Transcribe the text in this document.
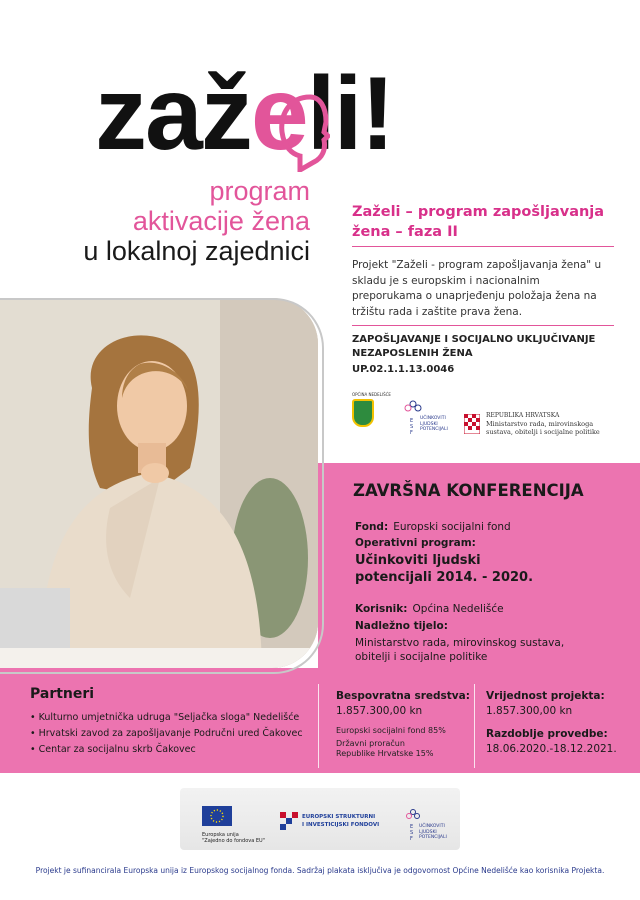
zaželi!
program
aktivacije žena
u lokalnoj zajednici
Zaželi – program zapošljavanja žena – faza II
Projekt "Zaželi - program zapošljavanja žena" u skladu je s europskim i nacionalnim preporukama o unaprjeđenju položaja žena na tržištu rada i zaštite prava žena.
ZAPOŠLJAVANJE I SOCIJALNO UKLJUČIVANJE NEZAPOSLENIH ŽENA
UP.02.1.1.13.0046
OPĆINA NEDELIŠĆE
E
S
F
UČINKOVITI LJUDSKI POTENCIJALI
REPUBLIKA HRVATSKA
Ministarstvo rada, mirovinskoga sustava, obitelji i socijalne politike
ZAVRŠNA KONFERENCIJA
Fond: Europski socijalni fond
Operativni program:
Učinkoviti ljudski potencijali 2014. - 2020.
Korisnik: Općina Nedelišće
Nadležno tijelo:
Ministarstvo rada, mirovinskog sustava, obitelji i socijalne politike
Partneri
• Kulturno umjetnička udruga "Seljačka sloga" Nedelišće
• Hrvatski zavod za zapošljavanje Područni ured Čakovec
• Centar za socijalnu skrb Čakovec
Bespovratna sredstva:
1.857.300,00 kn
Europski socijalni fond 85%
Državni proračun
Republike Hrvatske 15%
Vrijednost projekta:
1.857.300,00 kn
Razdoblje provedbe:
18.06.2020.-18.12.2021.
Europska unija
"Zajedno do fondova EU"
EUROPSKI STRUKTURNI
I INVESTICIJSKI FONDOVI	E
S
F
UČINKOVITI LJUDSKI POTENCIJALI
Projekt je sufinancirala Europska unija iz Europskog socijalnog fonda. Sadržaj plakata isključiva je odgovornost Općine Nedelišće kao korisnika Projekta.
